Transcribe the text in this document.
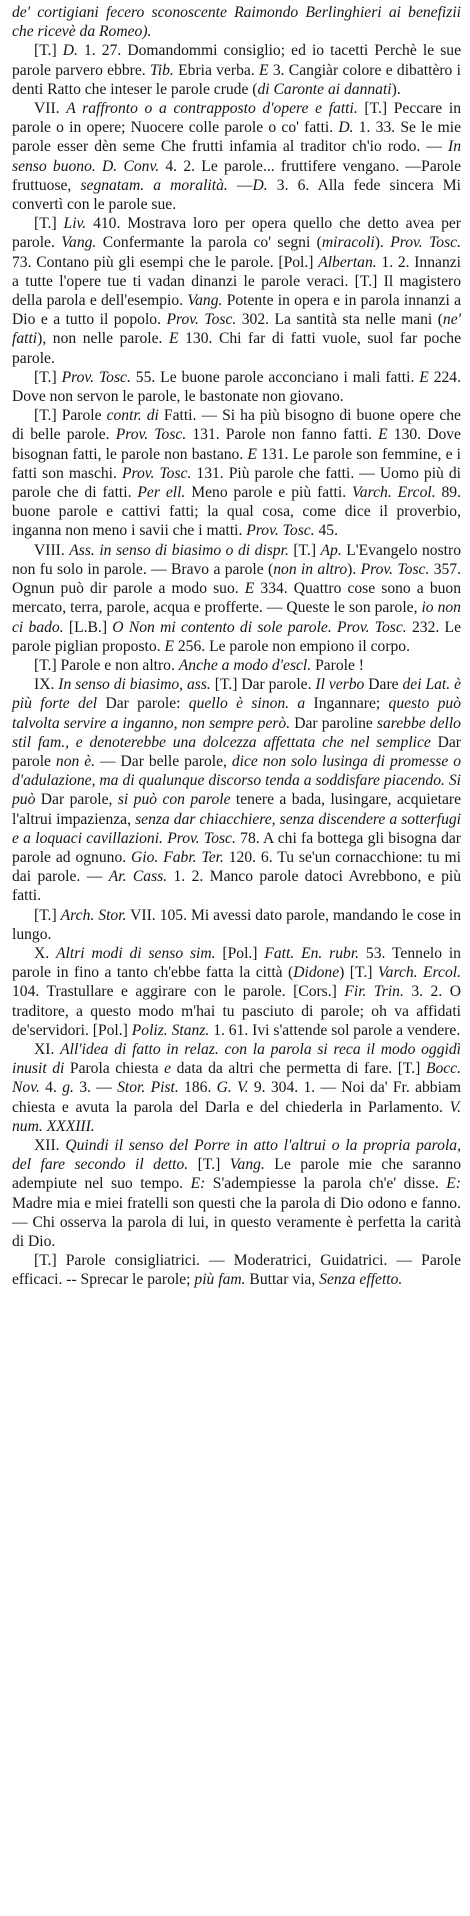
de' cortigiani fecero sconoscente Raimondo Berlinghieri ai benefizii che ricevè da Romeo).

[T.] D. 1. 27. Domandommi consiglio; ed io tacetti Perchè le sue parole parvero ebbre. Tib. Ebria verba. E 3. Cangiàr colore e dibattèro i denti Ratto che inteser le parole crude (di Caronte ai dannati).

VII. A raffronto o a contrapposto d'opere e fatti. [T.] Peccare in parole o in opere; Nuocere colle parole o co' fatti. D. 1. 33. Se le mie parole esser dèn seme Che frutti infamia al traditor ch'io rodo. — In senso buono. D. Conv. 4. 2. Le parole... fruttifere vengano. —Parole fruttuose, segnatam. a moralità. —D. 3. 6. Alla fede sincera Mi convertì con le parole sue.

[T.] Liv. 410. Mostrava loro per opera quello che detto avea per parole. Vang. Confermante la parola co' segni (miracoli). Prov. Tosc. 73. Contano più gli esempi che le parole. [Pol.] Albertan. 1. 2. Innanzi a tutte l'opere tue ti vadan dinanzi le parole veraci. [T.] Il magistero della parola e dell'esempio. Vang. Potente in opera e in parola innanzi a Dio e a tutto il popolo. Prov. Tosc. 302. La santità sta nelle mani (ne' fatti), non nelle parole. E 130. Chi far di fatti vuole, suol far poche parole.

[T.] Prov. Tosc. 55. Le buone parole acconciano i mali fatti. E 224. Dove non servon le parole, le bastonate non giovano.

[T.] Parole contr. di Fatti. — Si ha più bisogno di buone opere che di belle parole. Prov. Tosc. 131. Parole non fanno fatti. E 130. Dove bisognan fatti, le parole non bastano. E 131. Le parole son femmine, e i fatti son maschi. Prov. Tosc. 131. Più parole che fatti. — Uomo più di parole che di fatti. Per ell. Meno parole e più fatti. Varch. Ercol. 89. buone parole e cattivi fatti; la qual cosa, come dice il proverbio, inganna non meno i savii che i matti. Prov. Tosc. 45.

VIII. Ass. in senso di biasimo o di dispr. [T.] Ap. L'Evangelo nostro non fu solo in parole. — Bravo a parole (non in altro). Prov. Tosc. 357. Ognun può dir parole a modo suo. E 334. Quattro cose sono a buon mercato, terra, parole, acqua e profferte. — Queste le son parole, io non ci bado. [L.B.] O Non mi contento di sole parole. Prov. Tosc. 232. Le parole piglian proposto. E 256. Le parole non empiono il corpo.

[T.] Parole e non altro. Anche a modo d'escl. Parole !

IX. In senso di biasimo, ass. [T.] Dar parole. Il verbo Dare dei Lat. è più forte del Dar parole: quello è sinon. a Ingannare; questo può talvolta servire a inganno, non sempre però. Dar paroline sarebbe dello stil fam., e denoterebbe una dolcezza affettata che nel semplice Dar parole non è. — Dar belle parole, dice non solo lusinga di promesse o d'adulazione, ma di qualunque discorso tenda a soddisfare piacendo. Si può Dar parole, si può con parole tenere a bada, lusingare, acquietare l'altrui impazienza, senza dar chiacchiere, senza discendere a sotterfugi e a loquaci cavillazioni. Prov. Tosc. 78. A chi fa bottega gli bisogna dar parole ad ognuno. Gio. Fabr. Ter. 120. 6. Tu se'un cornacchione: tu mi dai parole. — Ar. Cass. 1. 2. Manco parole datoci Avrebbono, e più fatti.

[T.] Arch. Stor. VII. 105. Mi avessi dato parole, mandando le cose in lungo.

X. Altri modi di senso sim. [Pol.] Fatt. En. rubr. 53. Tennelo in parole in fino a tanto ch'ebbe fatta la città (Didone) [T.] Varch. Ercol. 104. Trastullare e aggirare con le parole. [Cors.] Fir. Trin. 3. 2. O traditore, a questo modo m'hai tu pasciuto di parole; oh va affidati de'servidori. [Pol.] Poliz. Stanz. 1. 61. Ivi s'attende sol parole a vendere.

XI. All'idea di fatto in relaz. con la parola si reca il modo oggidì inusit di Parola chiesta e data da altri che permetta di fare. [T.] Bocc. Nov. 4. g. 3. — Stor. Pist. 186. G. V. 9. 304. 1. — Noi da' Fr. abbiam chiesta e avuta la parola del Darla e del chiederla in Parlamento. V. num. XXXIII.

XII. Quindi il senso del Porre in atto l'altrui o la propria parola, del fare secondo il detto. [T.] Vang. Le parole mie che saranno adempiute nel suo tempo. E: S'adempiesse la parola ch'e' disse. E: Madre mia e miei fratelli son questi che la parola di Dio odono e fanno. — Chi osserva la parola di lui, in questo veramente è perfetta la carità di Dio.

[T.] Parole consigliatrici. — Moderatrici, Guidatrici. — Parole efficaci. -- Sprecar le parole; più fam. Buttar via, Senza effetto.
